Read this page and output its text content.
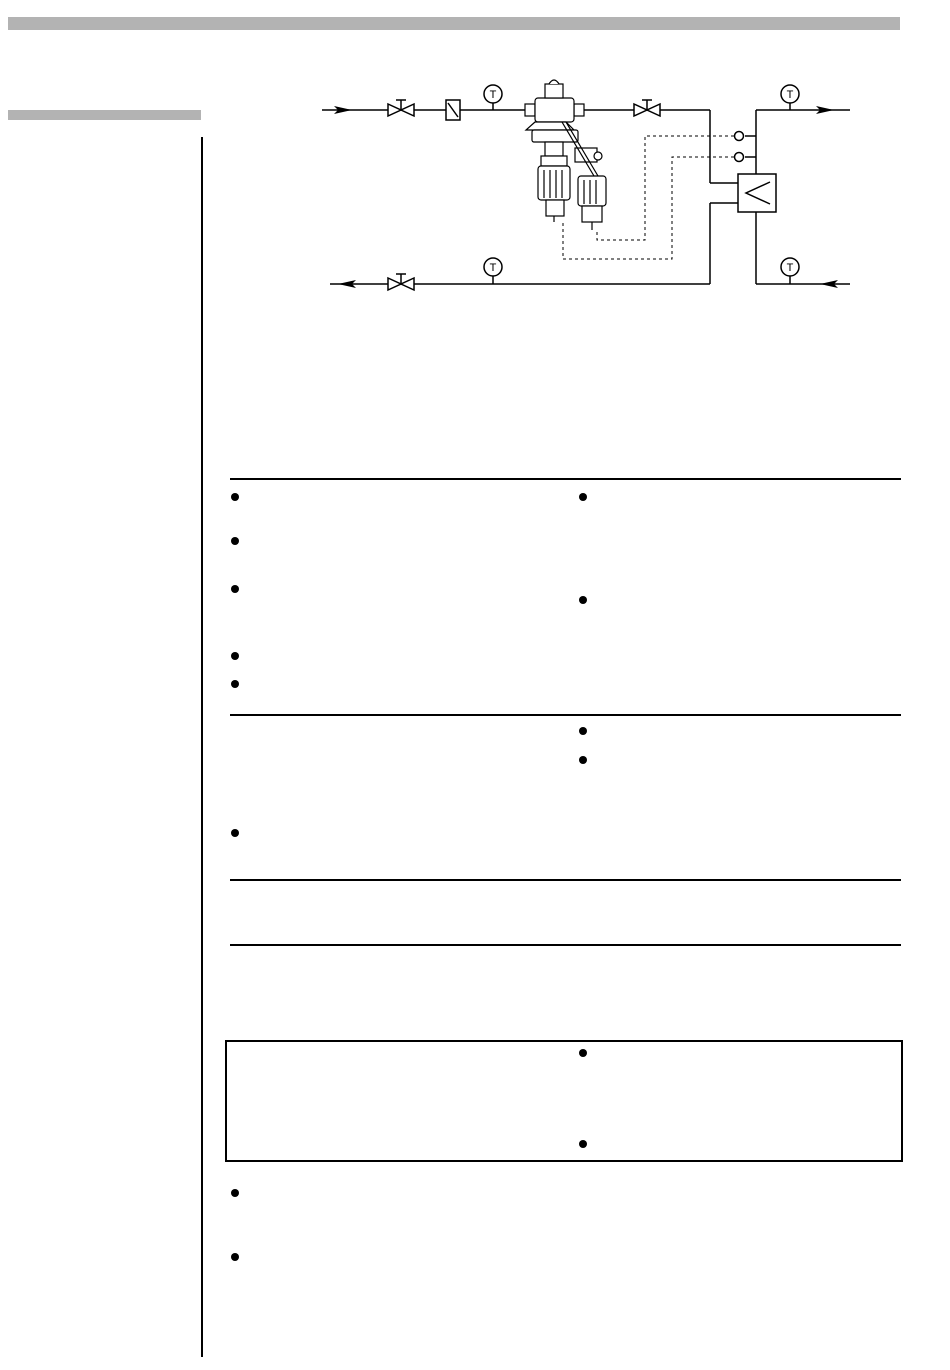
T
T
T
T
